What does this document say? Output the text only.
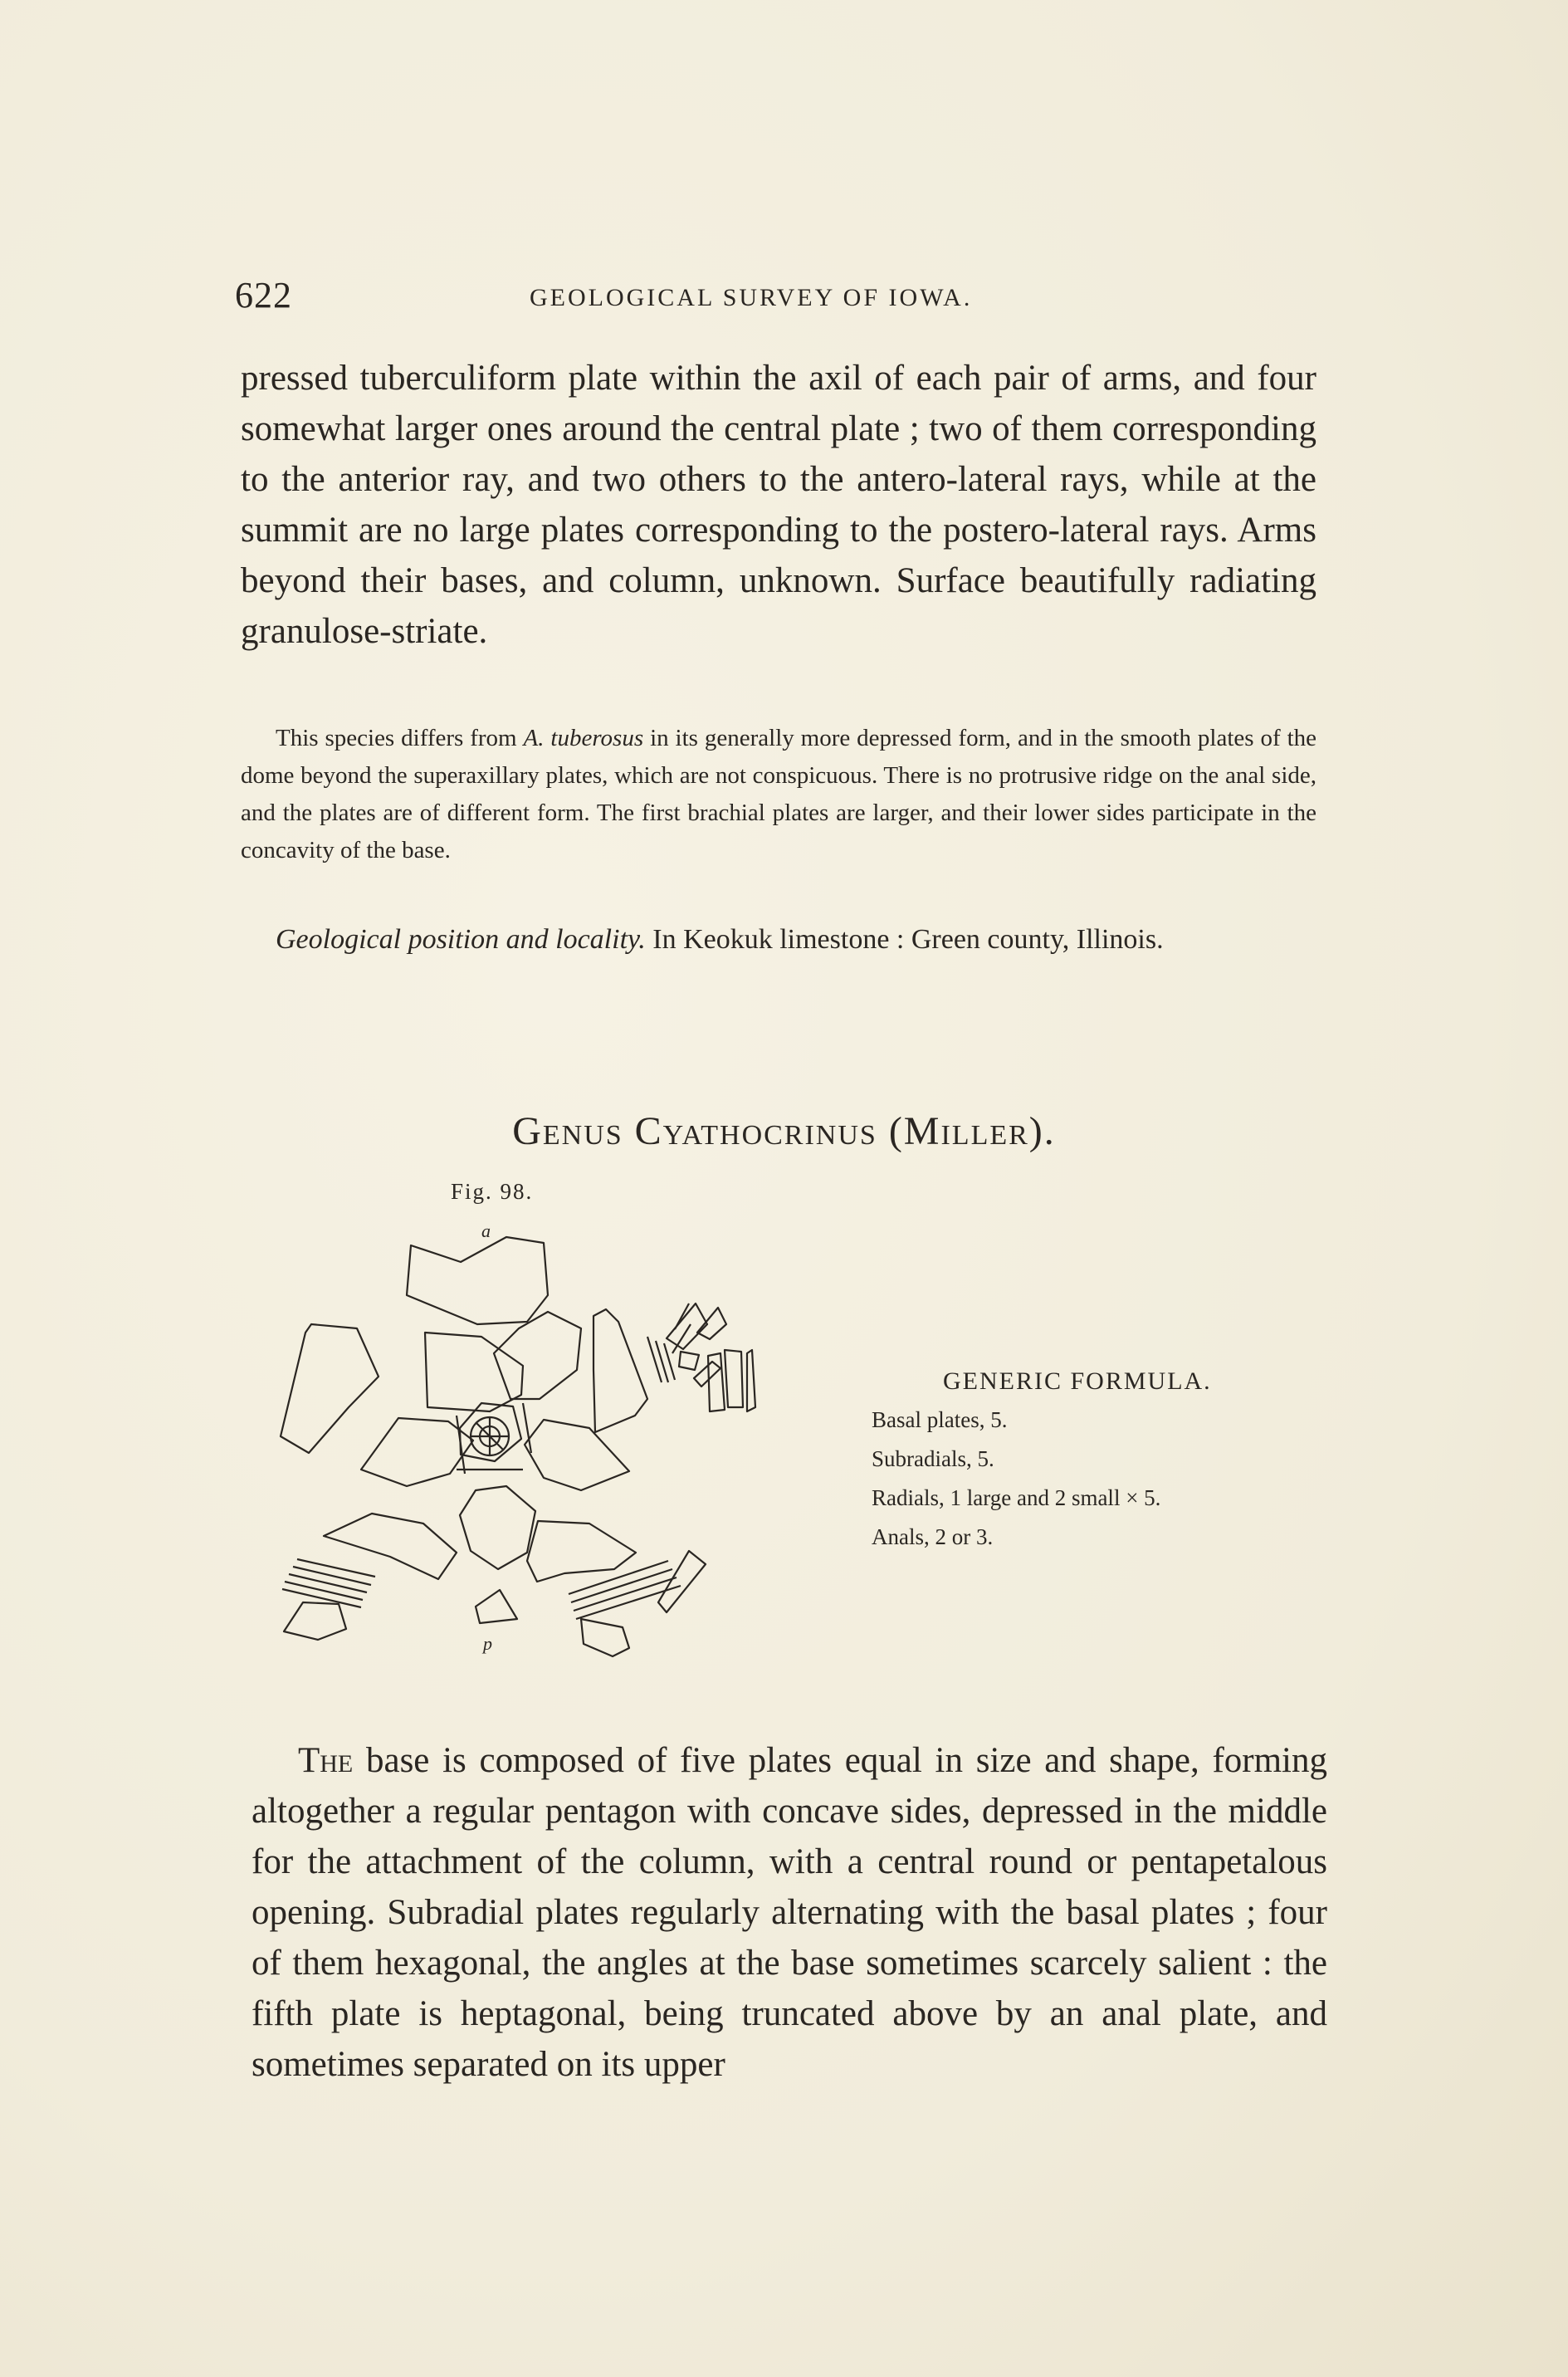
622	GEOLOGICAL SURVEY OF IOWA.

pressed tuberculiform plate within the axil of each pair of arms, and four somewhat larger ones around the central plate ; two of them corresponding to the anterior ray, and two others to the antero-lateral rays, while at the summit are no large plates corresponding to the postero-lateral rays. Arms beyond their bases, and column, unknown. Surface beautifully radiating granulose-striate.

This species differs from A. tuberosus in its generally more depressed form, and in the smooth plates of the dome beyond the superaxillary plates, which are not conspicuous. There is no protrusive ridge on the anal side, and the plates are of different form. The first brachial plates are larger, and their lower sides participate in the concavity of the base.

Geological position and locality. In Keokuk limestone : Green county, Illinois.

Genus Cyathocrinus (Miller).
Fig. 98.
a
p
GENERIC FORMULA.
Basal plates, 5.
Subradials, 5.
Radials, 1 large and 2 small × 5.
Anals, 2 or 3.

The base is composed of five plates equal in size and shape, forming altogether a regular pentagon with concave sides, depressed in the middle for the attachment of the column, with a central round or pentapetalous opening. Subradial plates regularly alternating with the basal plates ; four of them hexagonal, the angles at the base sometimes scarcely salient : the fifth plate is heptagonal, being truncated above by an anal plate, and sometimes separated on its upper
